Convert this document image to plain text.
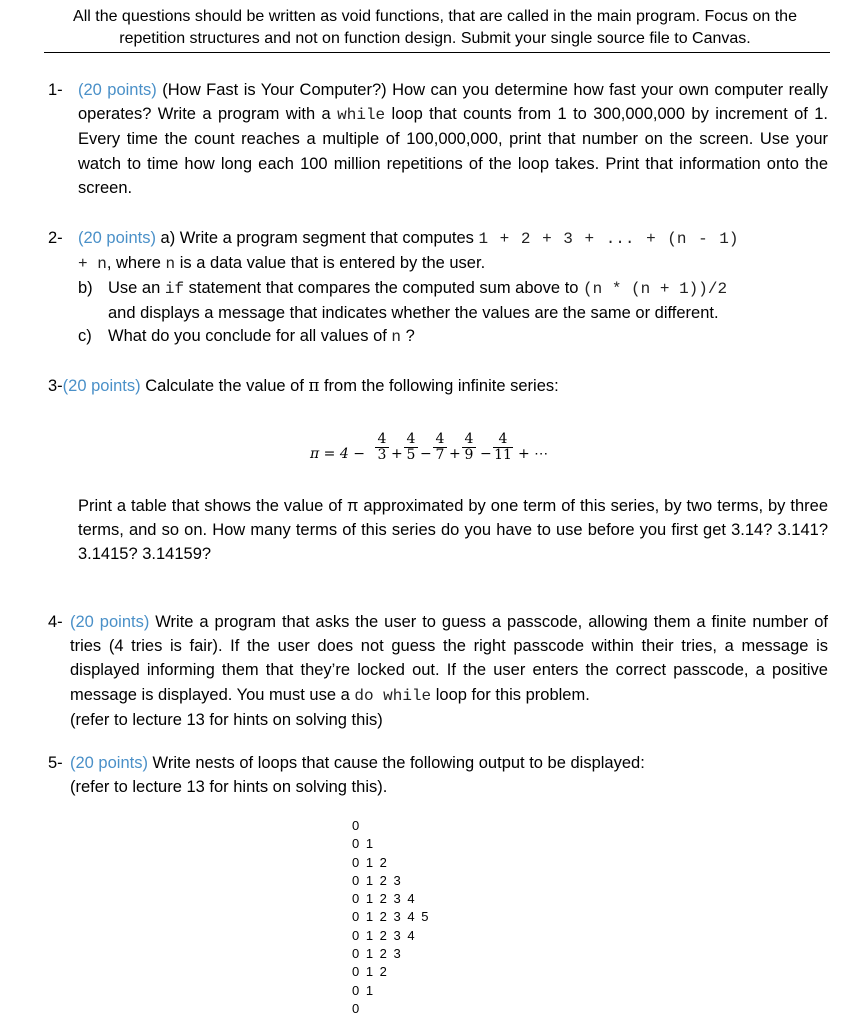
All the questions should be written as void functions, that are called in the main program. Focus on the
repetition structures and not on function design. Submit your single source file to Canvas.
1- (20 points) (How Fast is Your Computer?) How can you determine how fast your own computer really operates? Write a program with a while loop that counts from 1 to 300,000,000 by increment of 1. Every time the count reaches a multiple of 100,000,000, print that number on the screen. Use your watch to time how long each 100 million repetitions of the loop takes. Print that information onto the screen.

2- (20 points) a) Write a program segment that computes 1 + 2 + 3 + ... + (n - 1)
+ n, where n is a data value that is entered by the user.
b) Use an if statement that compares the computed sum above to (n * (n + 1))/2
and displays a message that indicates whether the values are the same or different.
c) What do you conclude for all values of n ?
3-(20 points) Calculate the value of π from the following infinite series:
π = 4 −
4
3 +
4
5 −
4
7 +
4
9 −
4
11 + ⋯
Print a table that shows the value of π approximated by one term of this series, by two terms, by three terms, and so on. How many terms of this series do you have to use before you first get 3.14? 3.141? 3.1415? 3.14159?
4- (20 points) Write a program that asks the user to guess a passcode, allowing them a finite number of tries (4 tries is fair). If the user does not guess the right passcode within their tries, a message is displayed informing them that they’re locked out. If the user enters the correct passcode, a positive message is displayed. You must use a do while loop for this problem.

(refer to lecture 13 for hints on solving this)

5- (20 points) Write nests of loops that cause the following output to be displayed:
(refer to lecture 13 for hints on solving this).
0
0 1
0 1 2
0 1 2 3
0 1 2 3 4
0 1 2 3 4 5
0 1 2 3 4
0 1 2 3
0 1 2
0 1
0
